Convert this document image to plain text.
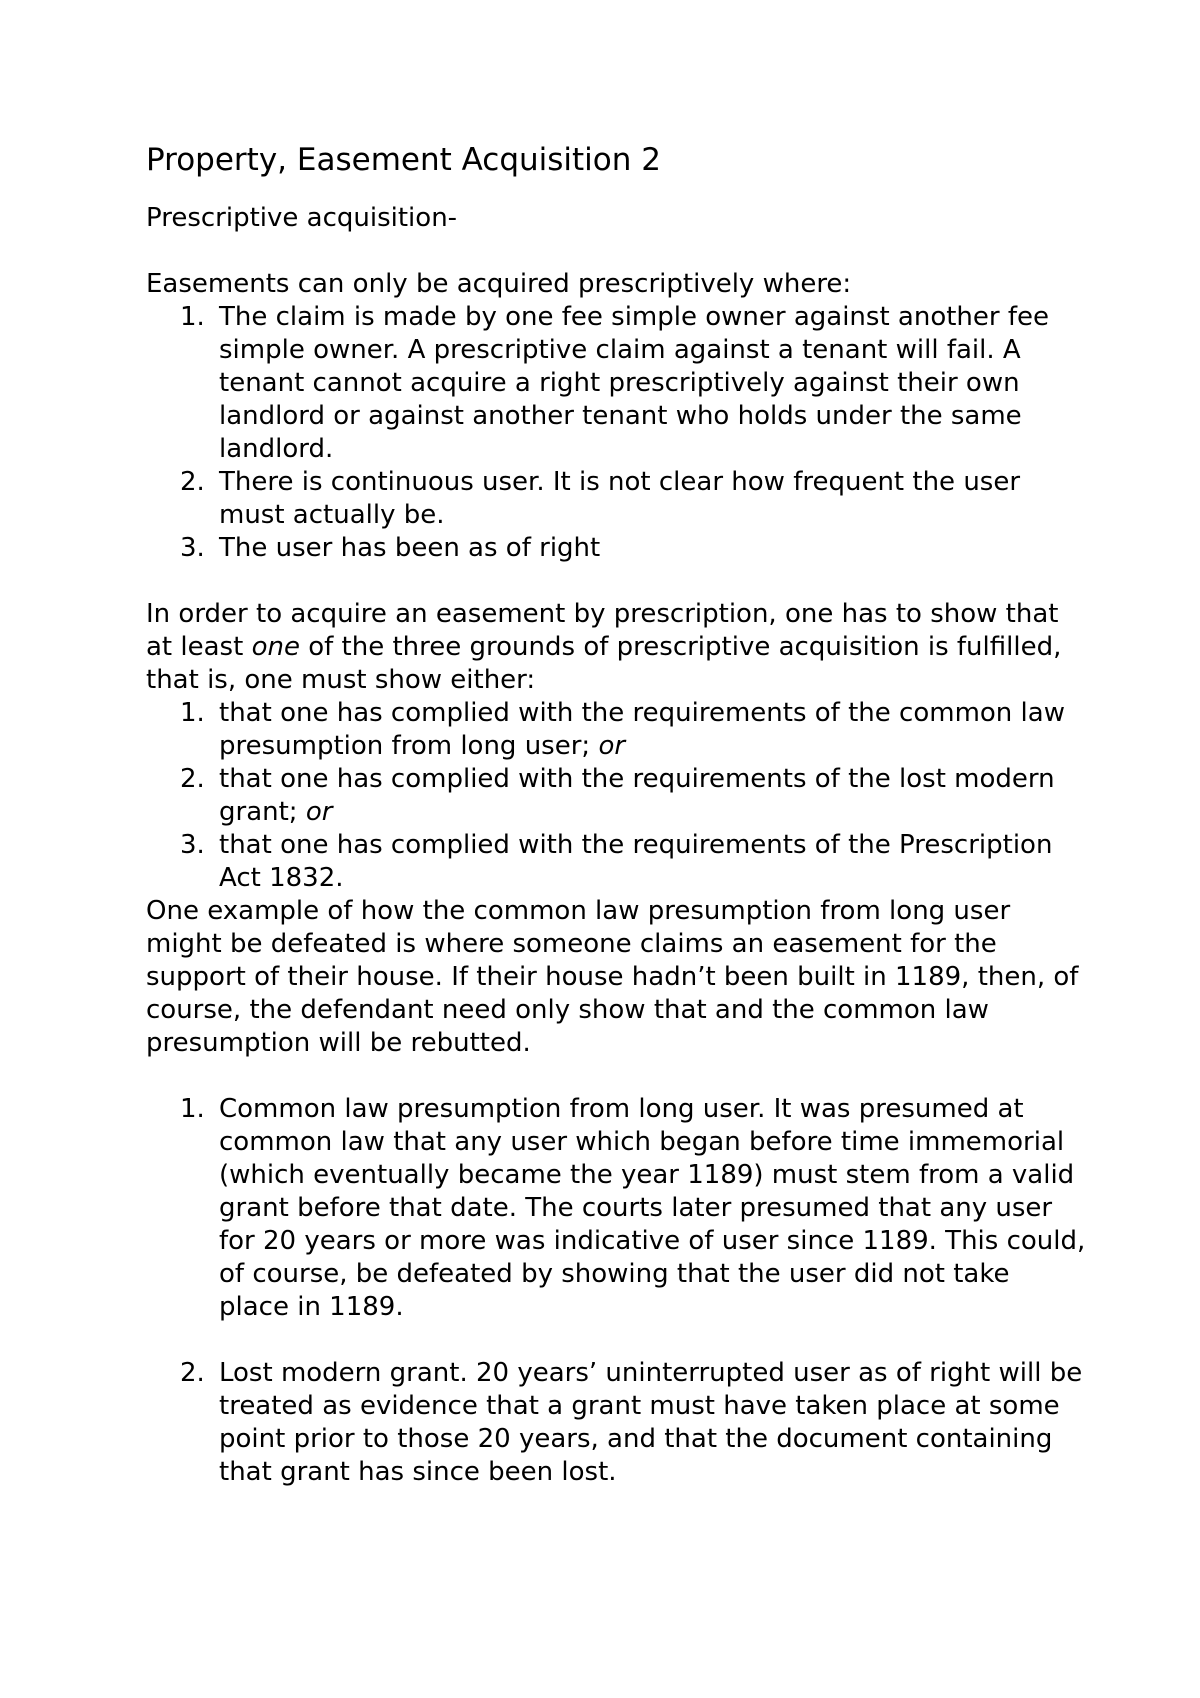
Property, Easement Acquisition 2

Prescriptive acquisition-

Easements can only be acquired prescriptively where:

1. The claim is made by one fee simple owner against another fee simple owner. A prescriptive claim against a tenant will fail. A tenant cannot acquire a right prescriptively against their own landlord or against another tenant who holds under the same landlord.
2. There is continuous user. It is not clear how frequent the user must actually be.
3. The user has been as of right

In order to acquire an easement by prescription, one has to show that at least one of the three grounds of prescriptive acquisition is fulfilled, that is, one must show either:

1. that one has complied with the requirements of the common law presumption from long user; or
2. that one has complied with the requirements of the lost modern grant; or
3. that one has complied with the requirements of the Prescription Act 1832.

One example of how the common law presumption from long user might be defeated is where someone claims an easement for the support of their house. If their house hadn’t been built in 1189, then, of course, the defendant need only show that and the common law presumption will be rebutted.

1. Common law presumption from long user. It was presumed at common law that any user which began before time immemorial (which eventually became the year 1189) must stem from a valid grant before that date. The courts later presumed that any user for 20 years or more was indicative of user since 1189. This could, of course, be defeated by showing that the user did not take place in 1189.
2. Lost modern grant. 20 years’ uninterrupted user as of right will be treated as evidence that a grant must have taken place at some point prior to those 20 years, and that the document containing that grant has since been lost.
